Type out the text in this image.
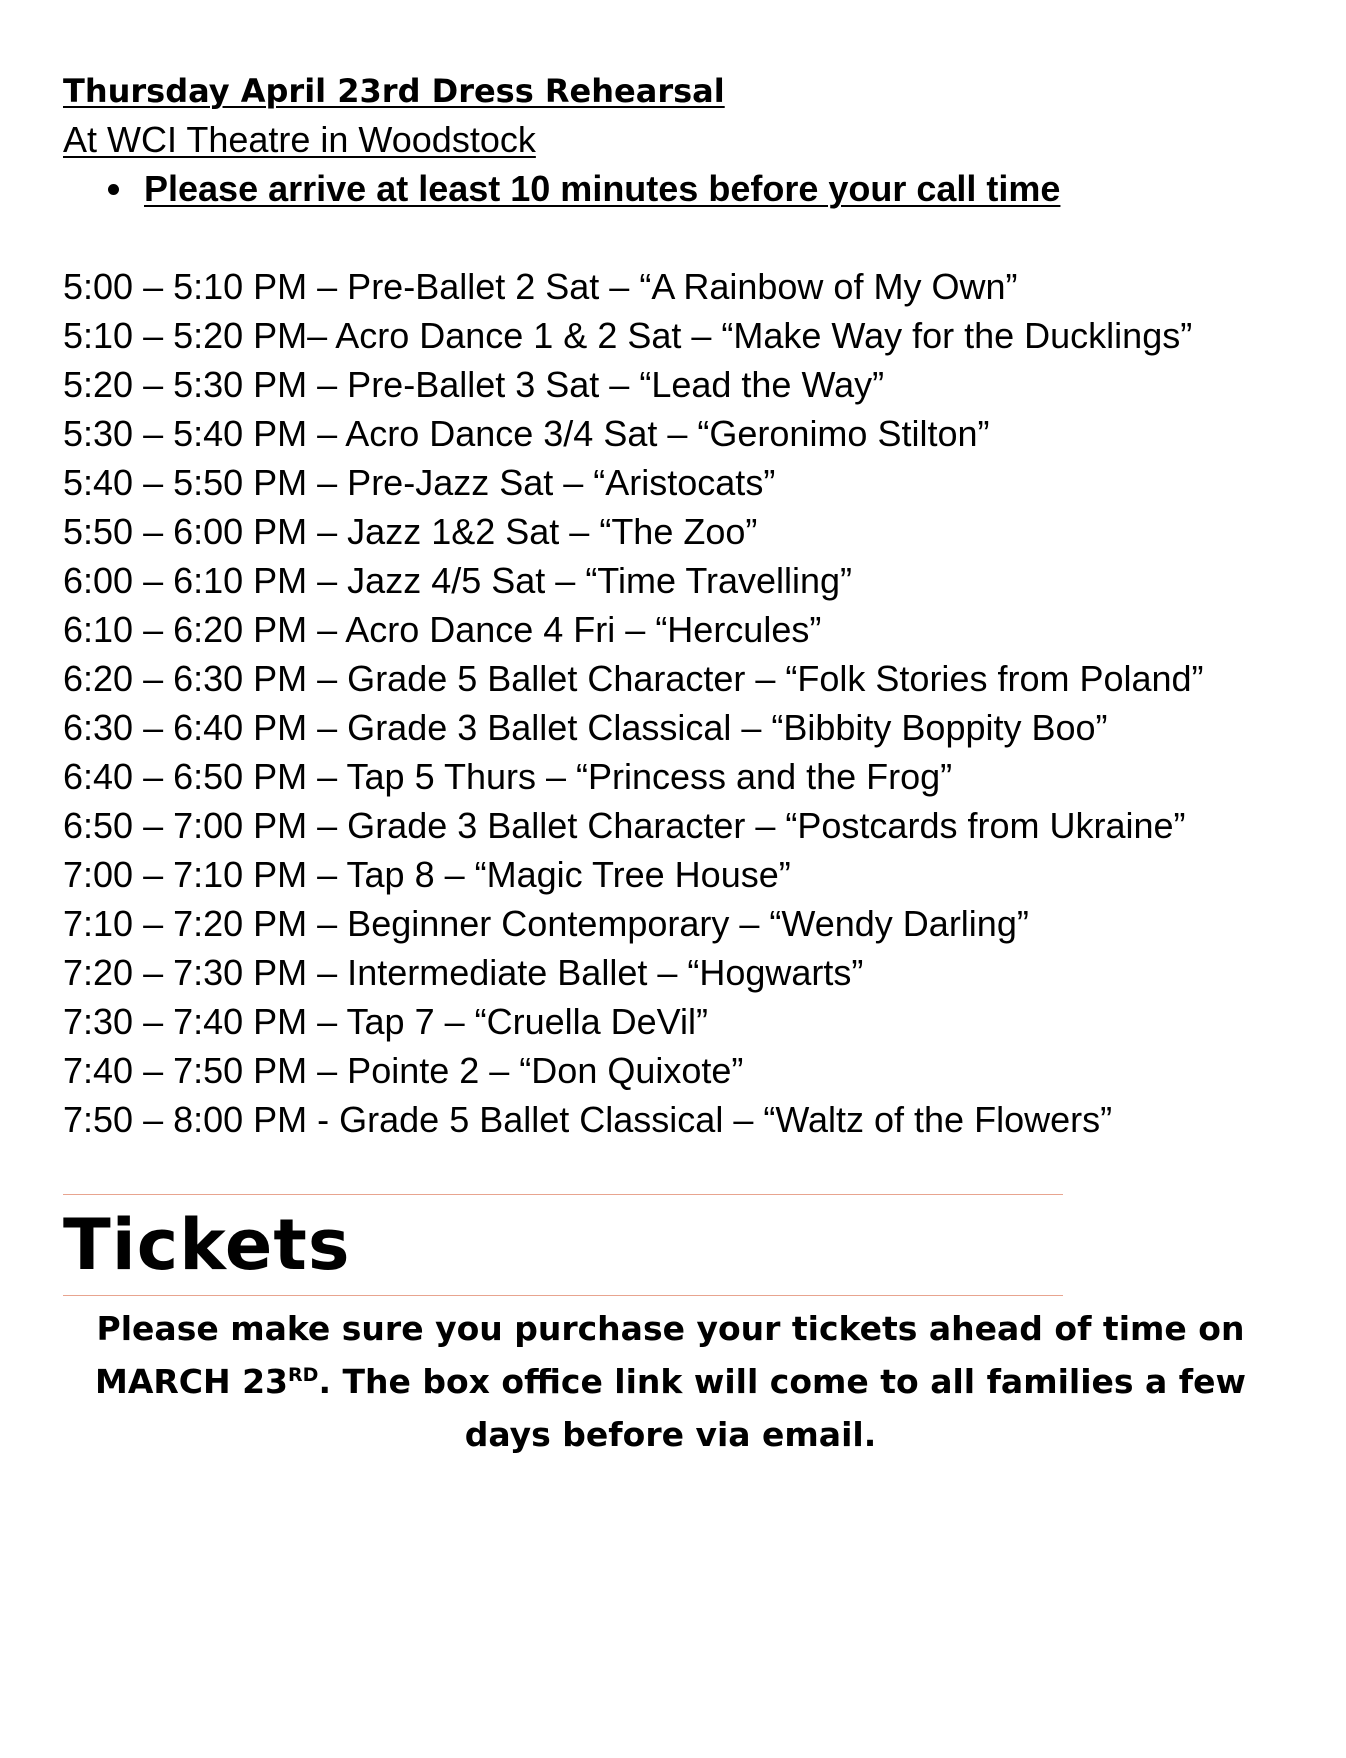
Thursday April 23rd Dress Rehearsal

At WCI Theatre in Woodstock

Please arrive at least 10 minutes before your call time
5:00 – 5:10 PM – Pre-Ballet 2 Sat – “A Rainbow of My Own”
5:10 – 5:20 PM– Acro Dance 1 & 2 Sat – “Make Way for the Ducklings”
5:20 – 5:30 PM – Pre-Ballet 3 Sat – “Lead the Way”
5:30 – 5:40 PM – Acro Dance 3/4 Sat – “Geronimo Stilton”
5:40 – 5:50 PM – Pre-Jazz Sat – “Aristocats”
5:50 – 6:00 PM – Jazz 1&2 Sat – “The Zoo”
6:00 – 6:10 PM – Jazz 4/5 Sat – “Time Travelling”
6:10 – 6:20 PM – Acro Dance 4 Fri – “Hercules”
6:20 – 6:30 PM – Grade 5 Ballet Character – “Folk Stories from Poland”
6:30 – 6:40 PM – Grade 3 Ballet Classical – “Bibbity Boppity Boo”
6:40 – 6:50 PM – Tap 5 Thurs – “Princess and the Frog”
6:50 – 7:00 PM – Grade 3 Ballet Character – “Postcards from Ukraine”
7:00 – 7:10 PM – Tap 8 – “Magic Tree House”
7:10 – 7:20 PM – Beginner Contemporary – “Wendy Darling”
7:20 – 7:30 PM – Intermediate Ballet – “Hogwarts”
7:30 – 7:40 PM – Tap 7 – “Cruella DeVil”
7:40 – 7:50 PM – Pointe 2 – “Don Quixote”
7:50 – 8:00 PM - Grade 5 Ballet Classical – “Waltz of the Flowers”
Tickets

Please make sure you purchase your tickets ahead of time on MARCH 23RD. The box office link will come to all families a few days before via email.
